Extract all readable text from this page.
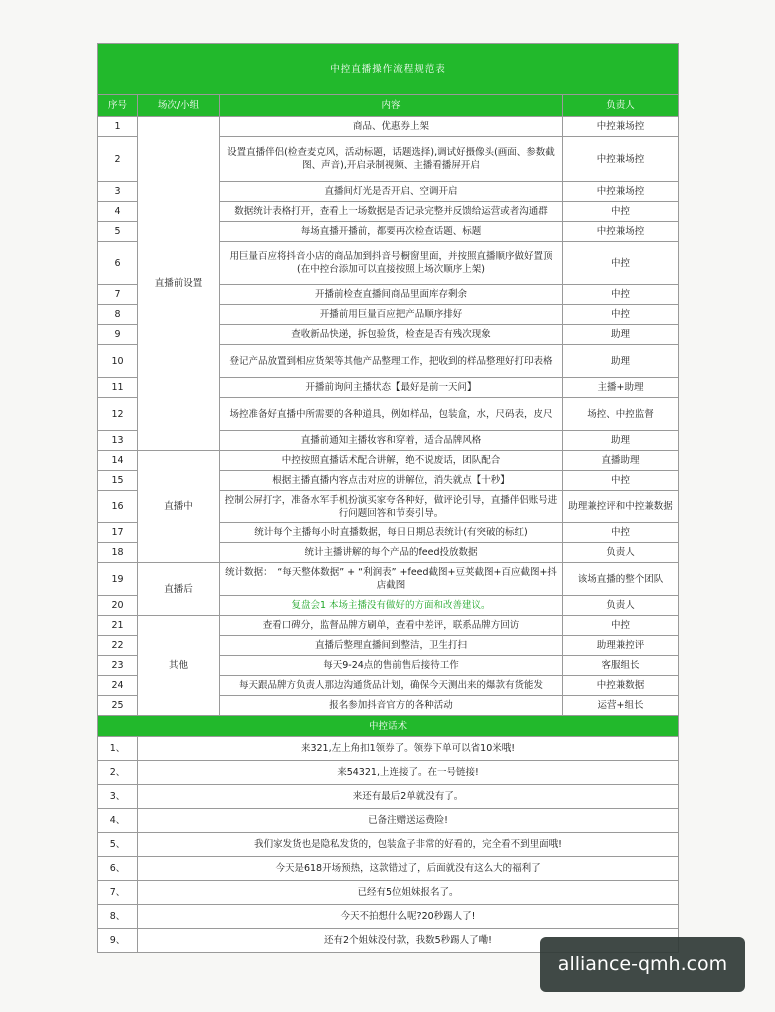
中控直播操作流程规范表			
序号	场次/小组	内容	负责人
1	直播前设置	商品、优惠券上架	中控兼场控
2		设置直播伴侣(检查麦克风，活动标题，话题选择),调试好摄像头(画面、参数截图、声音),开启录制视频、主播看播屏开启	中控兼场控
3		直播间灯光是否开启、空调开启	中控兼场控
4		数据统计表格打开，查看上一场数据是否记录完整并反馈给运营或者沟通群	中控
5		每场直播开播前，都要再次检查话题、标题	中控兼场控
6		用巨量百应将抖音小店的商品加到抖音号橱窗里面，并按照直播顺序做好置顶(在中控台添加可以直接按照上场次顺序上架)	中控
7		开播前检查直播间商品里面库存剩余	中控
8		开播前用巨量百应把产品顺序排好	中控
9		查收新品快递，拆包验货，检查是否有残次现象	助理
10		登记产品放置到相应货架等其他产品整理工作，把收到的样品整理好打印表格	助理
11		开播前询问主播状态【最好是前一天问】	主播+助理
12		场控准备好直播中所需要的各种道具，例如样品，包装盒，水，尺码表，皮尺	场控、中控监督
13		直播前通知主播妆容和穿着，适合品牌风格	助理
14	直播中	中控按照直播话术配合讲解，绝不说废话，团队配合	直播助理
15		根据主播直播内容点击对应的讲解位，消失就点【十秒】	中控
16		控制公屏打字，准备水军手机扮演买家夸各种好，做评论引导，直播伴侣账号进行问题回答和节奏引导。	助理兼控评和中控兼数据
17		统计每个主播每小时直播数据，每日日期总表统计(有突破的标红)	中控
18		统计主播讲解的每个产品的feed投放数据	负责人
19	直播后	统计数据：　“每天整体数据” + “利润表” +feed截图+豆荚截图+百应截图+抖店截图	该场直播的整个团队
20		复盘会1 本场主播没有做好的方面和改善建议。	负责人
21	其他	查看口碑分，监督品牌方刷单，查看中差评，联系品牌方回访	中控
22		直播后整理直播间到整洁，卫生打扫	助理兼控评
23		每天9-24点的售前售后接待工作	客服组长
24		每天跟品牌方负责人那边沟通货品计划，确保今天测出来的爆款有货能发	中控兼数据
25		报名参加抖音官方的各种活动	运营+组长
中控话术			
1、	来321,左上角扣1领券了。领券下单可以省10米哦!		
2、	来54321,上连接了。在一号链接!		
3、	来还有最后2单就没有了。		
4、	已备注赠送运费险!		
5、	我们家发货也是隐私发货的，包装盒子非常的好看的，完全看不到里面哦!		
6、	今天是618开场预热，这款错过了，后面就没有这么大的福利了		
7、	已经有5位姐妹报名了。		
8、	今天不拍想什么呢?20秒踢人了!		
9、	还有2个姐妹没付款，我数5秒踢人了嘞!		
alliance-qmh.com
